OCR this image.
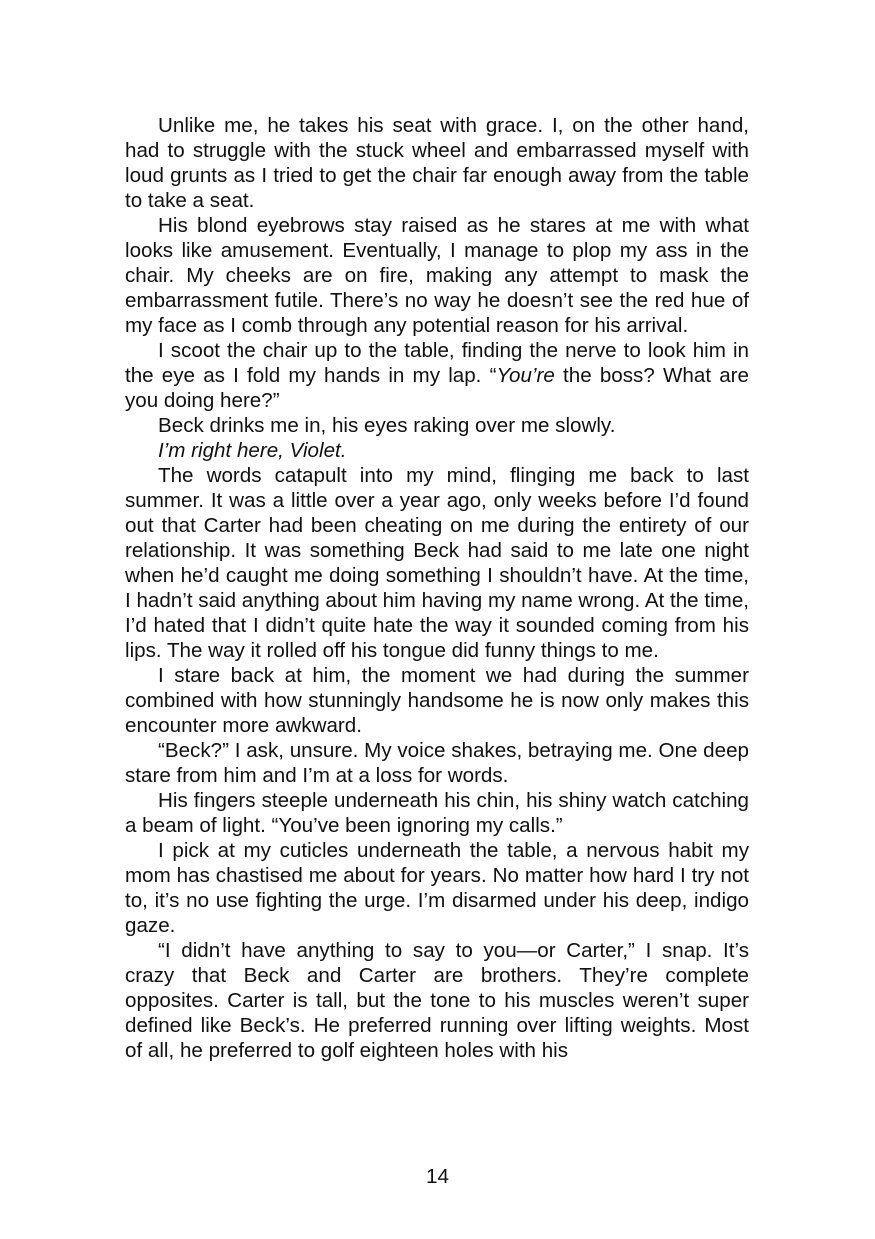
Unlike me, he takes his seat with grace. I, on the other hand, had to struggle with the stuck wheel and embarrassed myself with loud grunts as I tried to get the chair far enough away from the table to take a seat.

His blond eyebrows stay raised as he stares at me with what looks like amusement. Eventually, I manage to plop my ass in the chair. My cheeks are on fire, making any attempt to mask the embarrassment futile. There’s no way he doesn’t see the red hue of my face as I comb through any potential reason for his arrival.

I scoot the chair up to the table, finding the nerve to look him in the eye as I fold my hands in my lap. “You’re the boss? What are you doing here?”

Beck drinks me in, his eyes raking over me slowly.

I’m right here, Violet.

The words catapult into my mind, flinging me back to last summer. It was a little over a year ago, only weeks before I’d found out that Carter had been cheating on me during the entirety of our relationship. It was something Beck had said to me late one night when he’d caught me doing something I shouldn’t have. At the time, I hadn’t said anything about him having my name wrong. At the time, I’d hated that I didn’t quite hate the way it sounded coming from his lips. The way it rolled off his tongue did funny things to me.

I stare back at him, the moment we had during the summer combined with how stunningly handsome he is now only makes this encounter more awkward.

“Beck?” I ask, unsure. My voice shakes, betraying me. One deep stare from him and I’m at a loss for words.

His fingers steeple underneath his chin, his shiny watch catching a beam of light. “You’ve been ignoring my calls.”

I pick at my cuticles underneath the table, a nervous habit my mom has chastised me about for years. No matter how hard I try not to, it’s no use fighting the urge. I’m disarmed under his deep, indigo gaze.

“I didn’t have anything to say to you—or Carter,” I snap. It’s crazy that Beck and Carter are brothers. They’re complete opposites. Carter is tall, but the tone to his muscles weren’t super defined like Beck’s. He preferred running over lifting weights. Most of all, he preferred to golf eighteen holes with his

14
